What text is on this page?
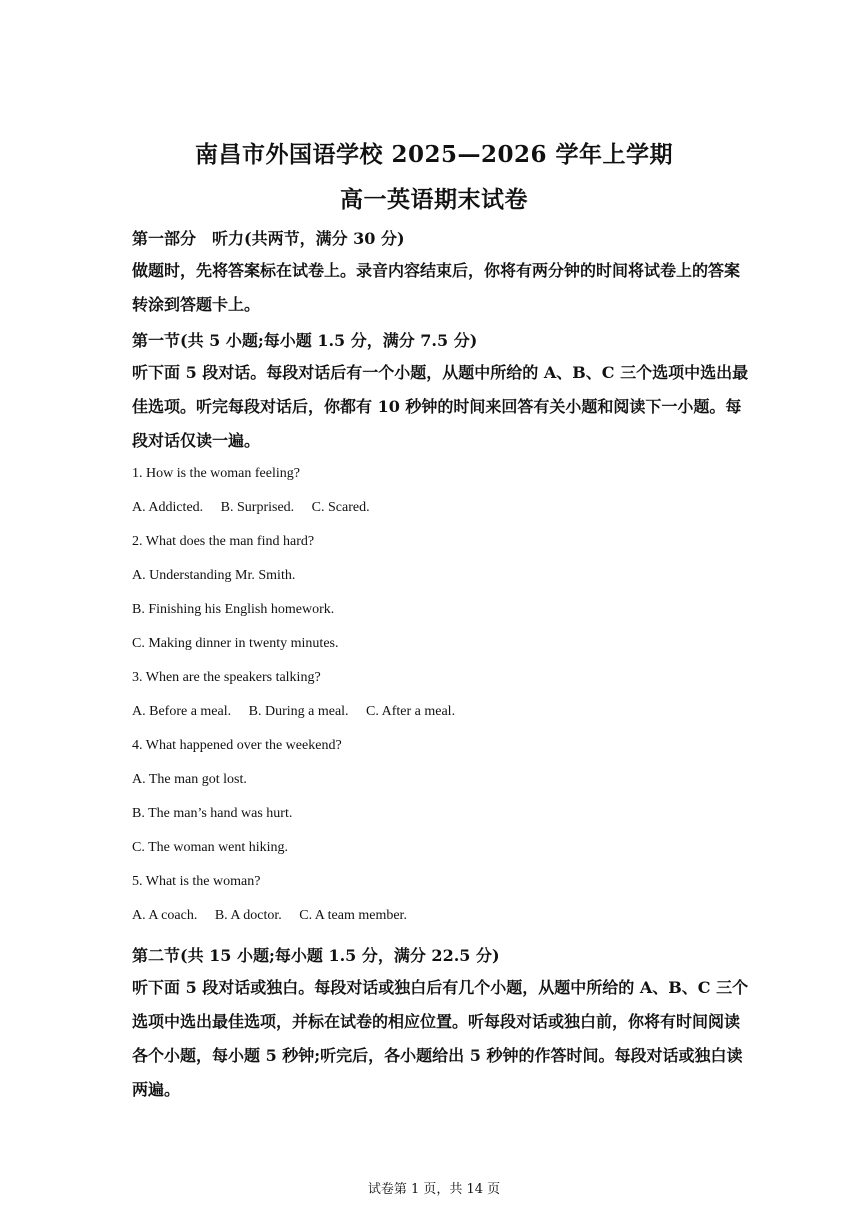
南昌市外国语学校 2025—2026 学年上学期
高一英语期末试卷
第一部分　听力(共两节，满分 30 分)
做题时，先将答案标在试卷上。录音内容结束后，你将有两分钟的时间将试卷上的答案转涂到答题卡上。
第一节(共 5 小题;每小题 1.5 分，满分 7.5 分)
听下面 5 段对话。每段对话后有一个小题，从题中所给的 A、B、C 三个选项中选出最佳选项。听完每段对话后，你都有 10 秒钟的时间来回答有关小题和阅读下一小题。每段对话仅读一遍。
1. How is the woman feeling?
A. Addicted. B. Surprised. C. Scared.
2. What does the man find hard?
A. Understanding Mr. Smith.
B. Finishing his English homework.
C. Making dinner in twenty minutes.
3. When are the speakers talking?
A. Before a meal. B. During a meal. C. After a meal.
4. What happened over the weekend?
A. The man got lost.
B. The man’s hand was hurt.
C. The woman went hiking.
5. What is the woman?
A. A coach. B. A doctor. C. A team member.
第二节(共 15 小题;每小题 1.5 分，满分 22.5 分)
听下面 5 段对话或独白。每段对话或独白后有几个小题，从题中所给的 A、B、C 三个选项中选出最佳选项，并标在试卷的相应位置。听每段对话或独白前，你将有时间阅读各个小题，每小题 5 秒钟;听完后，各小题给出 5 秒钟的作答时间。每段对话或独白读两遍。
试卷第 1 页，共 14 页
